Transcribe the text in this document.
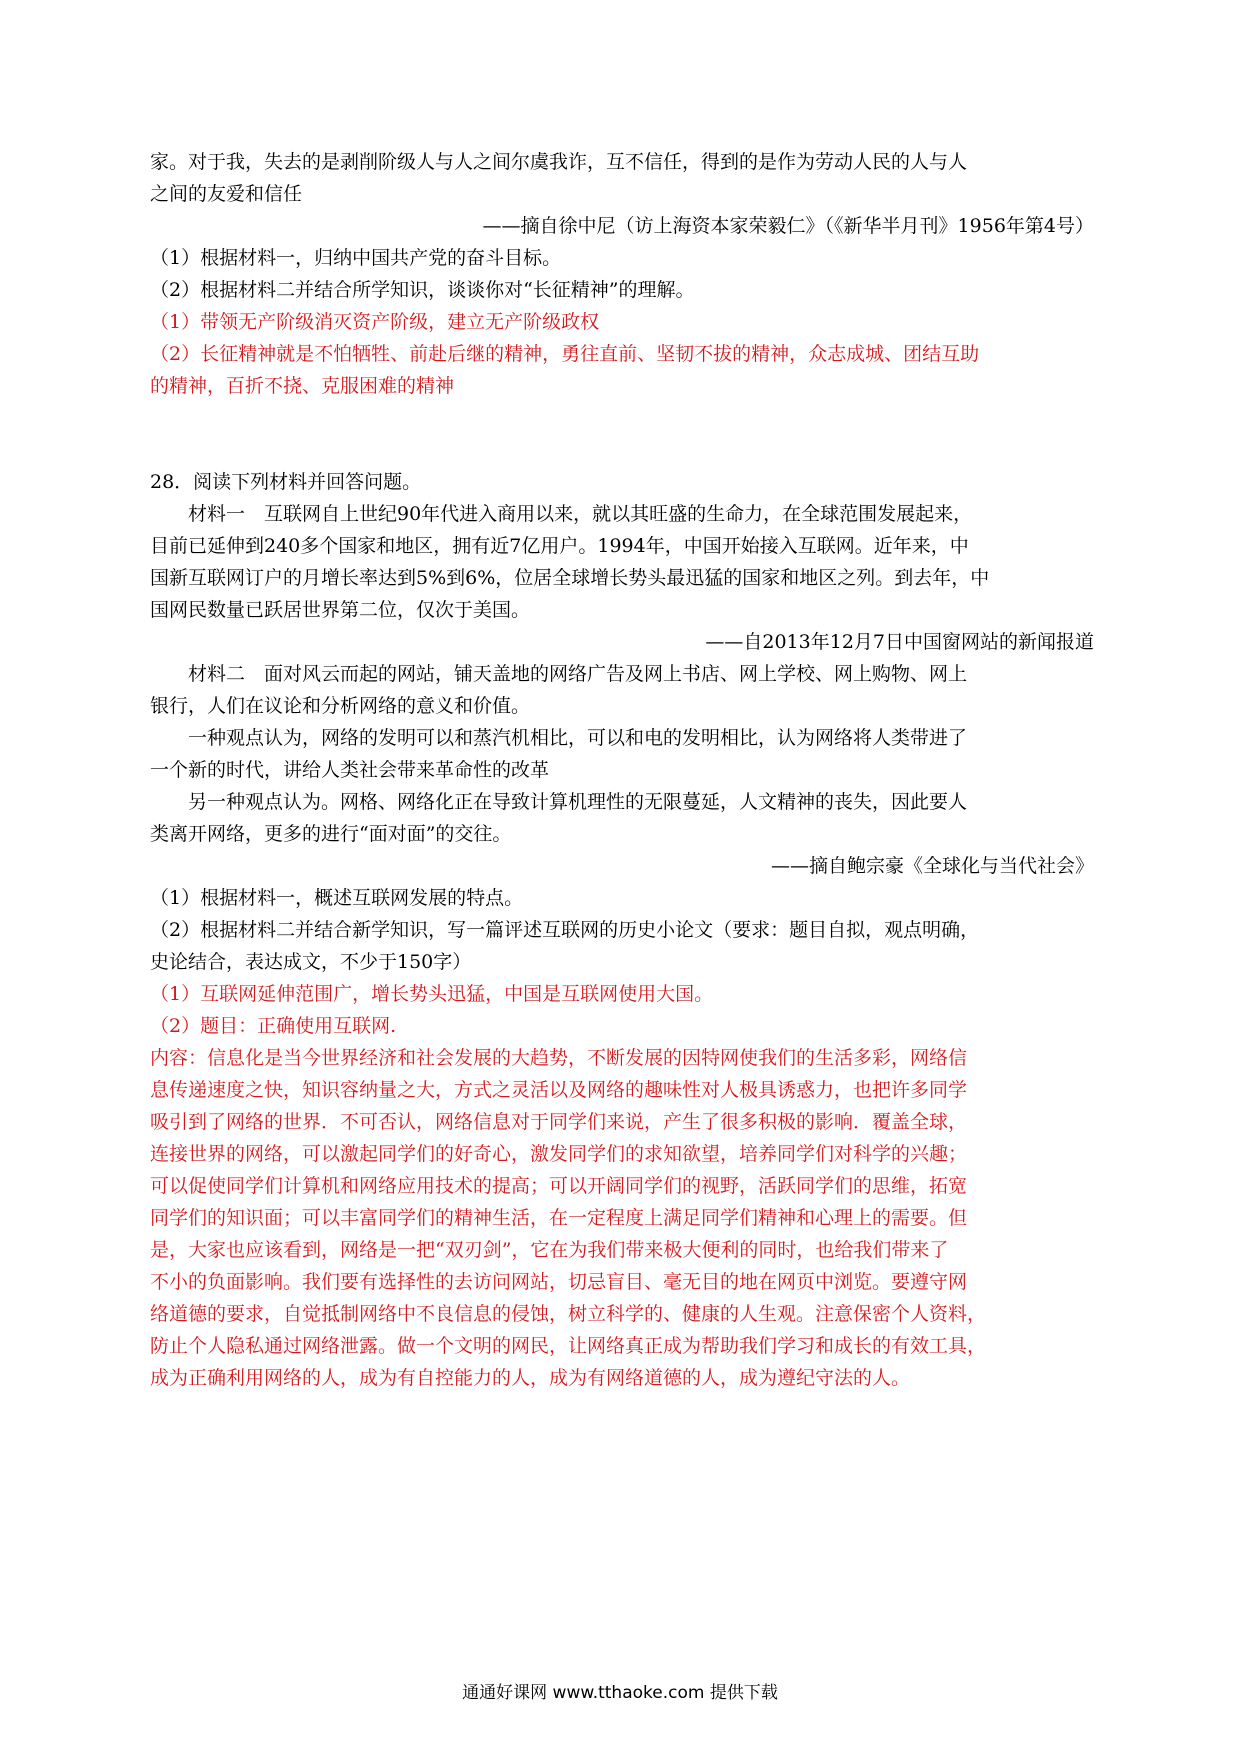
家。对于我，失去的是剥削阶级人与人之间尔虞我诈，互不信任，得到的是作为劳动人民的人与人
之间的友爱和信任
——摘自徐中尼（访上海资本家荣毅仁》（《新华半月刊》1956年第4号）
（1）根据材料一，归纳中国共产党的奋斗目标。
（2）根据材料二并结合所学知识，谈谈你对“长征精神”的理解。
（1）带领无产阶级消灭资产阶级，建立无产阶级政权
（2）长征精神就是不怕牺牲、前赴后继的精神，勇往直前、坚韧不拔的精神，众志成城、团结互助
的精神，百折不挠、克服困难的精神
28．阅读下列材料并回答问题。
材料一　互联网自上世纪90年代进入商用以来，就以其旺盛的生命力，在全球范围发展起来，
目前已延伸到240多个国家和地区，拥有近7亿用户。1994年，中国开始接入互联网。近年来，中
国新互联网订户的月增长率达到5%到6%，位居全球增长势头最迅猛的国家和地区之列。到去年，中
国网民数量已跃居世界第二位，仅次于美国。
——自2013年12月7日中国窗网站的新闻报道
材料二　面对风云而起的网站，铺天盖地的网络广告及网上书店、网上学校、网上购物、网上
银行，人们在议论和分析网络的意义和价值。
一种观点认为，网络的发明可以和蒸汽机相比，可以和电的发明相比，认为网络将人类带进了
一个新的时代，讲给人类社会带来革命性的改革
另一种观点认为。网格、网络化正在导致计算机理性的无限蔓延，人文精神的丧失，因此要人
类离开网络，更多的进行“面对面”的交往。
——摘自鲍宗豪《全球化与当代社会》
（1）根据材料一，概述互联网发展的特点。
（2）根据材料二并结合新学知识，写一篇评述互联网的历史小论文（要求：题目自拟，观点明确，
史论结合，表达成文，不少于150字）
（1）互联网延伸范围广，增长势头迅猛，中国是互联网使用大国。
（2）题目：正确使用互联网.
内容：信息化是当今世界经济和社会发展的大趋势，不断发展的因特网使我们的生活多彩，网络信
息传递速度之快，知识容纳量之大，方式之灵活以及网络的趣味性对人极具诱惑力，也把许多同学
吸引到了网络的世界．不可否认，网络信息对于同学们来说，产生了很多积极的影响．覆盖全球，
连接世界的网络，可以激起同学们的好奇心，激发同学们的求知欲望，培养同学们对科学的兴趣；
可以促使同学们计算机和网络应用技术的提高；可以开阔同学们的视野，活跃同学们的思维，拓宽
同学们的知识面；可以丰富同学们的精神生活，在一定程度上满足同学们精神和心理上的需要。但
是，大家也应该看到，网络是一把“双刃剑”，它在为我们带来极大便利的同时，也给我们带来了
不小的负面影响。我们要有选择性的去访问网站，切忌盲目、毫无目的地在网页中浏览。要遵守网
络道德的要求，自觉抵制网络中不良信息的侵蚀，树立科学的、健康的人生观。注意保密个人资料，
防止个人隐私通过网络泄露。做一个文明的网民，让网络真正成为帮助我们学习和成长的有效工具，
成为正确利用网络的人，成为有自控能力的人，成为有网络道德的人，成为遵纪守法的人。
通通好课网 www.tthaoke.com 提供下载
